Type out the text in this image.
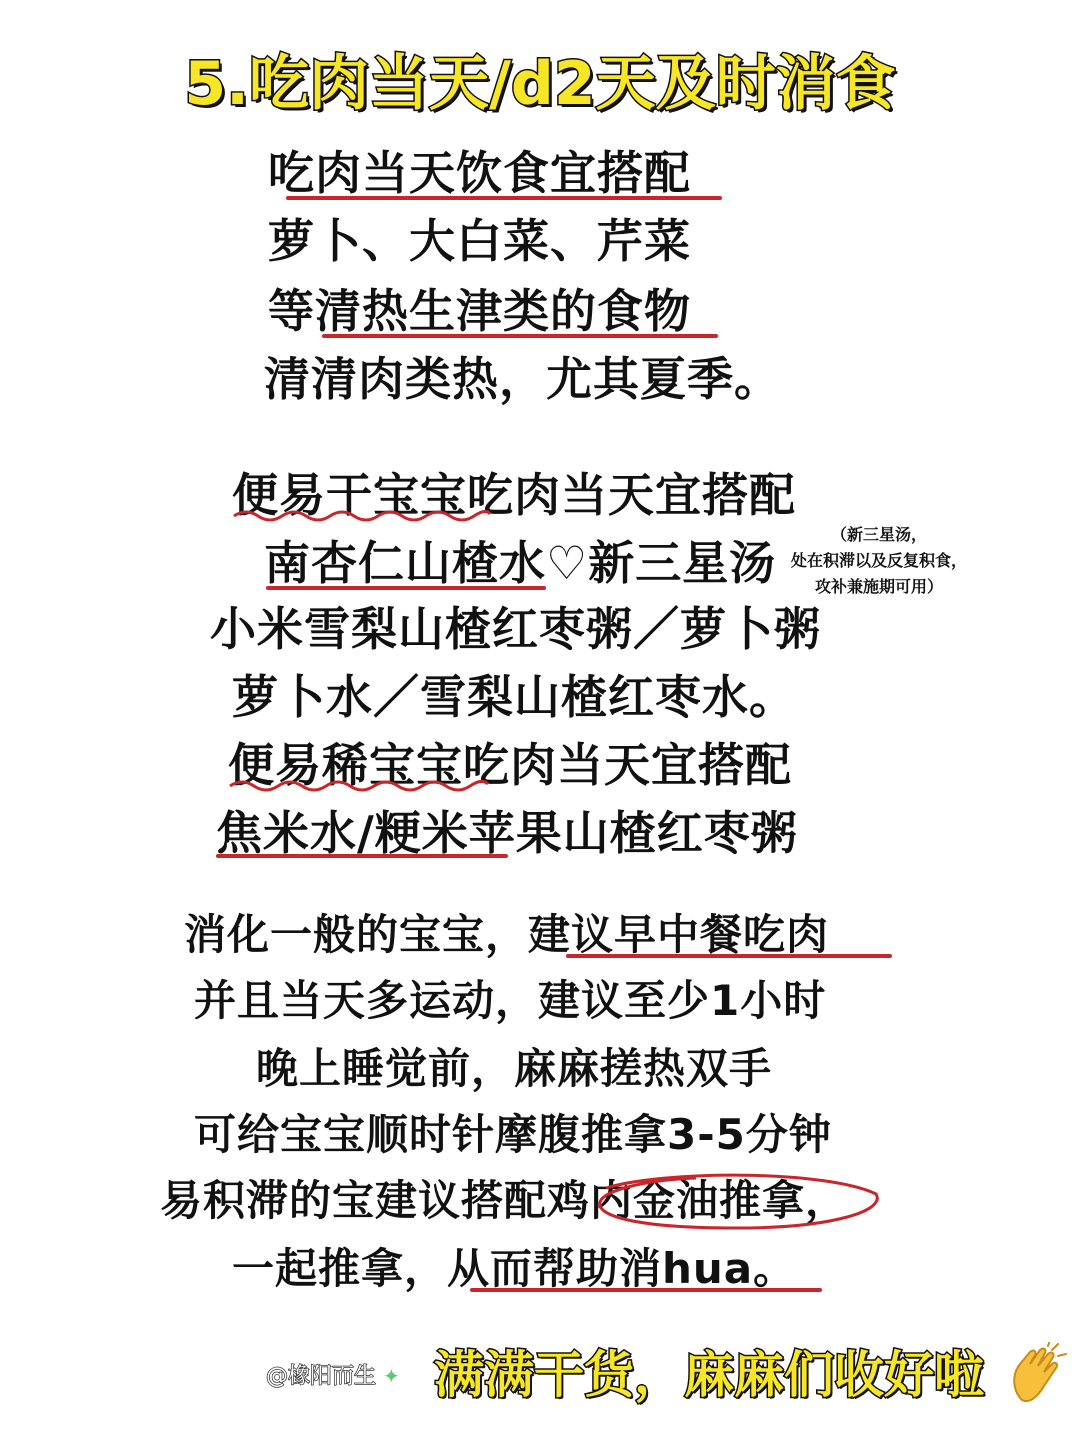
5.吃肉当天/d2天及时消食
吃肉当天饮食宜搭配
萝卜、大白菜、芹菜
等清热生津类的食物
清清肉类热，尤其夏季。
便易干宝宝吃肉当天宜搭配
南杏仁山楂水♡新三星汤
（新三星汤，
处在积滞以及反复积食，
攻补兼施期可用）
小米雪梨山楂红枣粥／萝卜粥
萝卜水／雪梨山楂红枣水。
便易稀宝宝吃肉当天宜搭配
焦米水/粳米苹果山楂红枣粥
消化一般的宝宝，建议早中餐吃肉
并且当天多运动，建议至少1小时
晚上睡觉前，麻麻搓热双手
可给宝宝顺时针摩腹推拿3-5分钟
易积滞的宝建议搭配鸡内金油推拿，
一起推拿，从而帮助消hua。
@橡阳而生 ✦ 满满干货，麻麻们收好啦
